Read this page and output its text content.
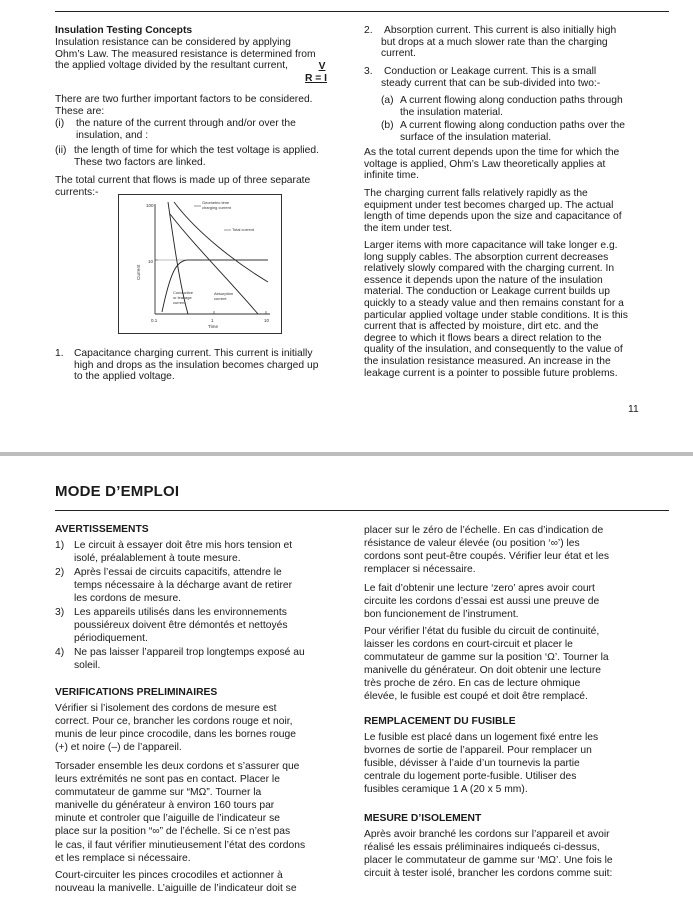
Insulation Testing Concepts
Insulation resistance can be considered by applying
Ohm’s Law. The measured resistance is determined from
the applied voltage divided by the resultant current, $\frac{V}{R = I}$
There are two further important factors to be considered.
These are:
(i) the nature of the current through and/or over the
insulation, and :
(ii) the length of time for which the test voltage is applied.
These two factors are linked.
The total current that flows is made up of three separate
currents:-
100
10
0.1	1	10
Current
Time
Geometric time
charging current
Total current
Conductive
or leakage
current
Absorption
current
1. Capacitance charging current. This current is initially
high and drops as the insulation becomes charged up
to the applied voltage.
2. Absorption current. This current is also initially high
but drops at a much slower rate than the charging
current.
3. Conduction or Leakage current. This is a small
steady current that can be sub-divided into two:-
(a) A current flowing along conduction paths through
the insulation material.
(b) A current flowing along conduction paths over the
surface of the insulation material.
As the total current depends upon the time for which the
voltage is applied, Ohm’s Law theoretically applies at
infinite time.
The charging current falls relatively rapidly as the
equipment under test becomes charged up. The actual
length of time depends upon the size and capacitance of
the item under test.
Larger items with more capacitance will take longer e.g.
long supply cables. The absorption current decreases
relatively slowly compared with the charging current. In
essence it depends upon the nature of the insulation
material. The conduction or Leakage current builds up
quickly to a steady value and then remains constant for a
particular applied voltage under stable conditions. It is this
current that is affected by moisture, dirt etc. and the
degree to which it flows bears a direct relation to the
quality of the insulation, and consequently to the value of
the insulation resistance measured. An increase in the
leakage current is a pointer to possible future problems.
11
MODE D’EMPLOI
AVERTISSEMENTS
1) Le circuit à essayer doit être mis hors tension et
isolé, préalablement à toute mesure.
2) Après l’essai de circuits capacitifs, attendre le
temps nécessaire à la décharge avant de retirer
les cordons de mesure.
3) Les appareils utilisés dans les environnements
poussiéreux doivent être démontés et nettoyés
périodiquement.
4) Ne pas laisser l’appareil trop longtemps exposé au
soleil.
VERIFICATIONS PRELIMINAIRES
Vérifier si l’isolement des cordons de mesure est
correct. Pour ce, brancher les cordons rouge et noir,
munis de leur pince crocodile, dans les bornes rouge
(+) et noire (–) de l’appareil.
Torsader ensemble les deux cordons et s’assurer que
leurs extrémités ne sont pas en contact. Placer le
commutateur de gamme sur “MΩ”. Tourner la
manivelle du générateur à environ 160 tours par
minute et controler que l’aiguille de l’indicateur se
place sur la position “∞” de l’échelle. Si ce n’est pas
le cas, il faut vérifier minutieusement l’état des cordons
et les remplace si nécessaire.
Court-circuiter les pinces crocodiles et actionner à
nouveau la manivelle. L’aiguille de l’indicateur doit se
placer sur le zéro de l’échelle. En cas d’indication de
résistance de valeur élevée (ou position ‘∞’) les
cordons sont peut-être coupés. Vérifier leur état et les
remplacer si nécessaire.
Le fait d’obtenir une lecture ‘zero’ apres avoir court
circuite les cordons d’essai est aussi une preuve de
bon funcionement de l’instrument.
Pour vérifier l’état du fusible du circuit de continuité,
laisser les cordons en court-circuit et placer le
commutateur de gamme sur la position ‘Ω’. Tourner la
manivelle du générateur. On doit obtenir une lecture
très proche de zéro. En cas de lecture ohmique
élevée, le fusible est coupé et doit être remplacé.
REMPLACEMENT DU FUSIBLE
Le fusible est placé dans un logement fixé entre les
bvornes de sortie de l’appareil. Pour remplacer un
fusible, dévisser à l’aide d’un tournevis la partie
centrale du logement porte-fusible. Utiliser des
fusibles ceramique 1 A (20 x 5 mm).
MESURE D’ISOLEMENT
Après avoir branché les cordons sur l’appareil et avoir
réalisé les essais préliminaires indiqueés ci-dessus,
placer le commutateur de gamme sur ‘MΩ’. Une fois le
circuit à tester isolé, brancher les cordons comme suit:
